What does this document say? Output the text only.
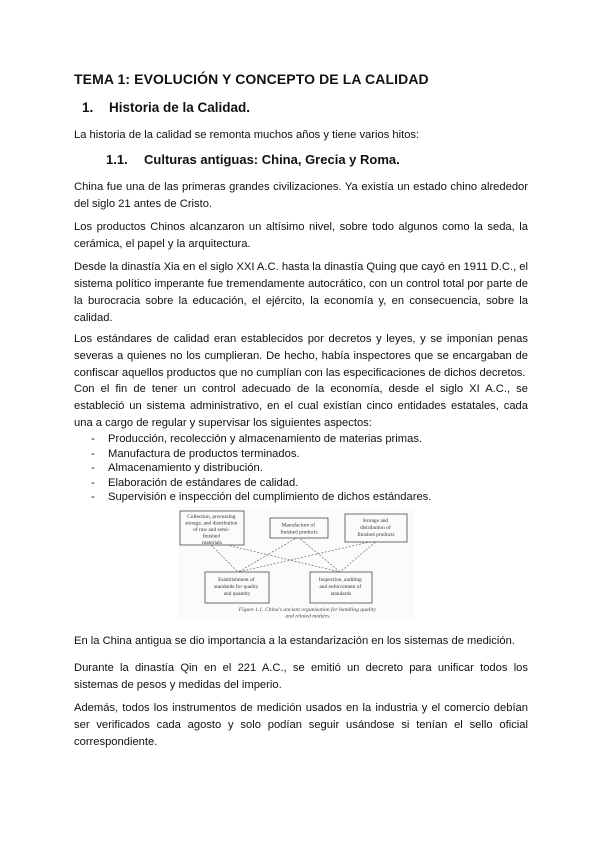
TEMA 1: EVOLUCIÓN Y CONCEPTO DE LA CALIDAD
1. Historia de la Calidad.

La historia de la calidad se remonta muchos años y tiene varios hitos:

1.1. Culturas antiguas: China, Grecia y Roma.

China fue una de las primeras grandes civilizaciones. Ya existía un estado chino alrededor del siglo 21 antes de Cristo.

Los productos Chinos alcanzaron un altísimo nivel, sobre todo algunos como la seda, la cerámica, el papel y la arquitectura.

Desde la dinastía Xia en el siglo XXI A.C. hasta la dinastía Quing que cayó en 1911 D.C., el sistema político imperante fue tremendamente autocrático, con un control total por parte de la burocracia sobre la educación, el ejército, la economía y, en consecuencia, sobre la calidad.

Los estándares de calidad eran establecidos por decretos y leyes, y se imponían penas severas a quienes no los cumplieran. De hecho, había inspectores que se encargaban de confiscar aquellos productos que no cumplían con las especificaciones de dichos decretos.

Con el fin de tener un control adecuado de la economía, desde el siglo XI A.C., se estableció un sistema administrativo, en el cual existían cinco entidades estatales, cada una a cargo de regular y supervisar los siguientes aspectos:

- Producción, recolección y almacenamiento de materias primas.
- Manufactura de productos terminados.
- Almacenamiento y distribución.
- Elaboración de estándares de calidad.
- Supervisión e inspección del cumplimiento de dichos estándares.
Collection, processing storage, and distribution of raw and semi- finished materials
Manufacture of finished products
Storage and distribution of finished products
Establishment of standards for quality and quantity
Inspection, auditing and enforcement of standards
Figure 1.1. China's ancient organization for handling quality and related matters.

En la China antigua se dio importancia a la estandarización en los sistemas de medición.

Durante la dinastía Qin en el 221 A.C., se emitió un decreto para unificar todos los sistemas de pesos y medidas del imperio.

Además, todos los instrumentos de medición usados en la industria y el comercio debían ser verificados cada agosto y solo podían seguir usándose si tenían el sello oficial correspondiente.
